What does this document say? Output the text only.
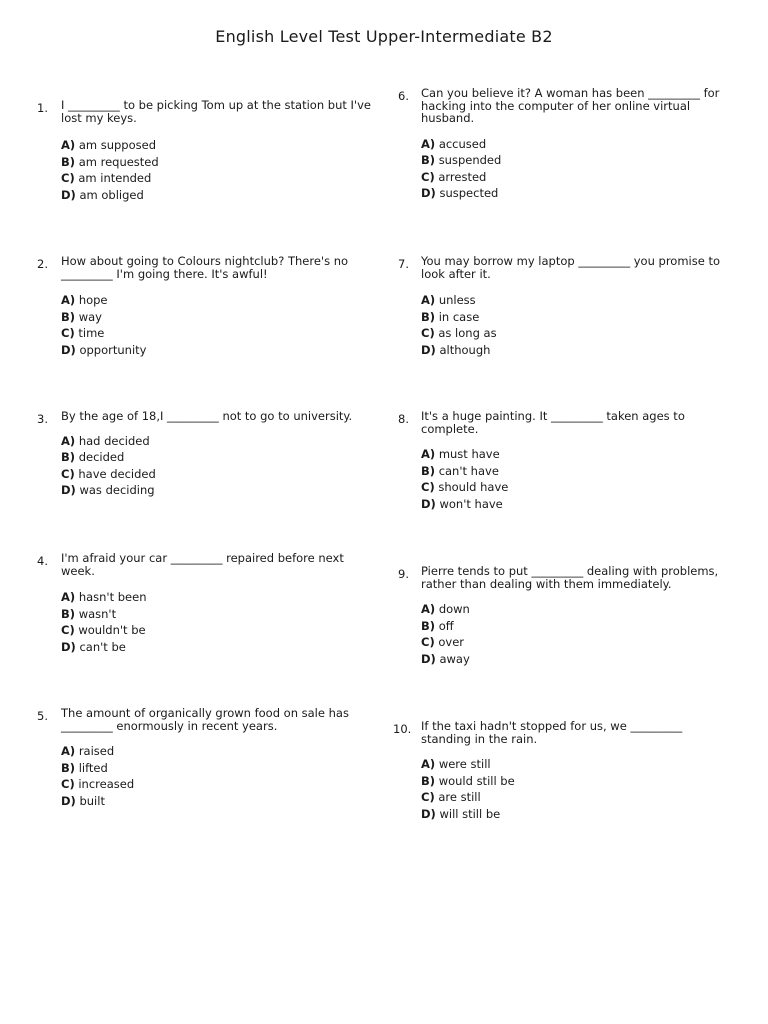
English Level Test Upper-Intermediate B2
1. I _________ to be picking Tom up at the station but I've lost my keys.

A) am supposed
B) am requested
C) am intended
D) am obliged
2. How about going to Colours nightclub? There's no _________ I'm going there. It's awful!

A) hope
B) way
C) time
D) opportunity
3. By the age of 18,I _________ not to go to university.

A) had decided
B) decided
C) have decided
D) was deciding
4. I'm afraid your car _________ repaired before next week.

A) hasn't been
B) wasn't
C) wouldn't be
D) can't be
5. The amount of organically grown food on sale has _________ enormously in recent years.

A) raised
B) lifted
C) increased
D) built
6. Can you believe it? A woman has been _________ for hacking into the computer of her online virtual husband.

A) accused
B) suspended
C) arrested
D) suspected
7. You may borrow my laptop _________ you promise to look after it.

A) unless
B) in case
C) as long as
D) although
8. It's a huge painting. It _________ taken ages to complete.

A) must have
B) can't have
C) should have
D) won't have
9. Pierre tends to put _________ dealing with problems, rather than dealing with them immediately.

A) down
B) off
C) over
D) away
10. If the taxi hadn't stopped for us, we _________ standing in the rain.

A) were still
B) would still be
C) are still
D) will still be
